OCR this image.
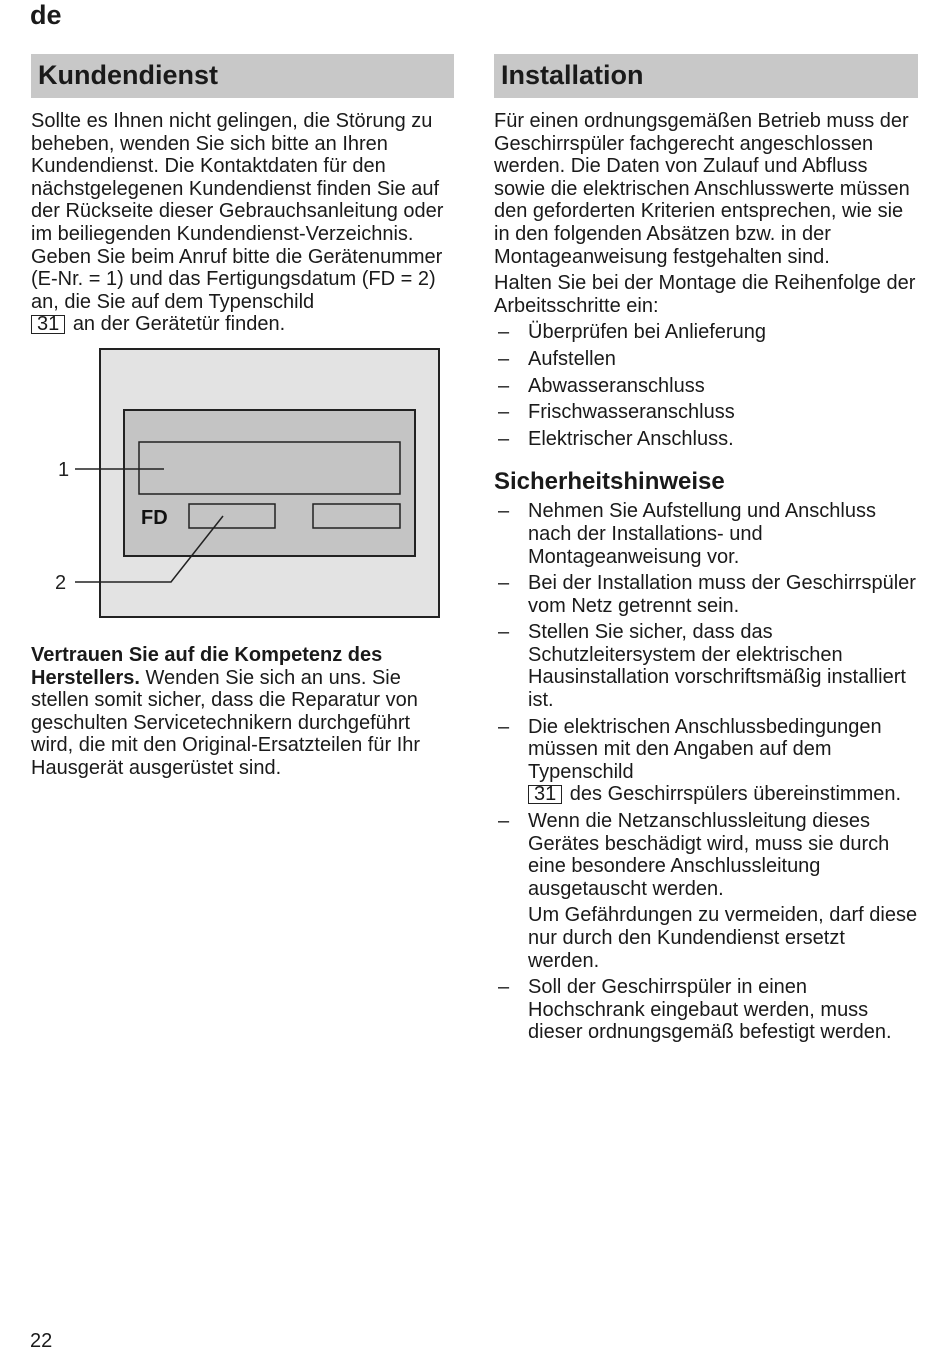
de
Kundendienst

Sollte es Ihnen nicht gelingen, die Störung zu beheben, wenden Sie sich bitte an Ihren Kundendienst. Die Kontaktdaten für den nächstgelegenen Kundendienst finden Sie auf der Rückseite dieser Gebrauchsanleitung oder im beiliegenden Kundendienst-Verzeichnis. Geben Sie beim Anruf bitte die Gerätenummer (E-Nr. = 1) und das Fertigungsdatum (FD = 2) an, die Sie auf dem Typenschild
31 an der Gerätetür finden.

FD
1
2

Vertrauen Sie auf die Kompetenz des Herstellers. Wenden Sie sich an uns. Sie stellen somit sicher, dass die Reparatur von geschulten Servicetechnikern durchgeführt wird, die mit den Original-Ersatzteilen für Ihr Hausgerät ausgerüstet sind.

Installation

Für einen ordnungsgemäßen Betrieb muss der Geschirrspüler fachgerecht angeschlossen werden. Die Daten von Zulauf und Abfluss sowie die elektrischen Anschlusswerte müssen den geforderten Kriterien entsprechen, wie sie in den folgenden Absätzen bzw. in der Montageanweisung festgehalten sind.

Halten Sie bei der Montage die Reihenfolge der Arbeitsschritte ein:

– Überprüfen bei Anlieferung
– Aufstellen
– Abwasseranschluss
– Frischwasseranschluss
– Elektrischer Anschluss.
Sicherheitshinweise
– Nehmen Sie Aufstellung und Anschluss nach der Installations- und Montageanweisung vor.
– Bei der Installation muss der Geschirrspüler vom Netz getrennt sein.
– Stellen Sie sicher, dass das Schutzleitersystem der elektrischen Hausinstallation vorschriftsmäßig installiert ist.
– Die elektrischen Anschlussbedingungen müssen mit den Angaben auf dem Typenschild
31 des Geschirrspülers übereinstimmen.
– Wenn die Netzanschlussleitung dieses Gerätes beschädigt wird, muss sie durch eine besondere Anschlussleitung ausgetauscht werden.
Um Gefährdungen zu vermeiden, darf diese nur durch den Kundendienst ersetzt werden.
– Soll der Geschirrspüler in einen Hochschrank eingebaut werden, muss dieser ordnungsgemäß befestigt werden.
22
